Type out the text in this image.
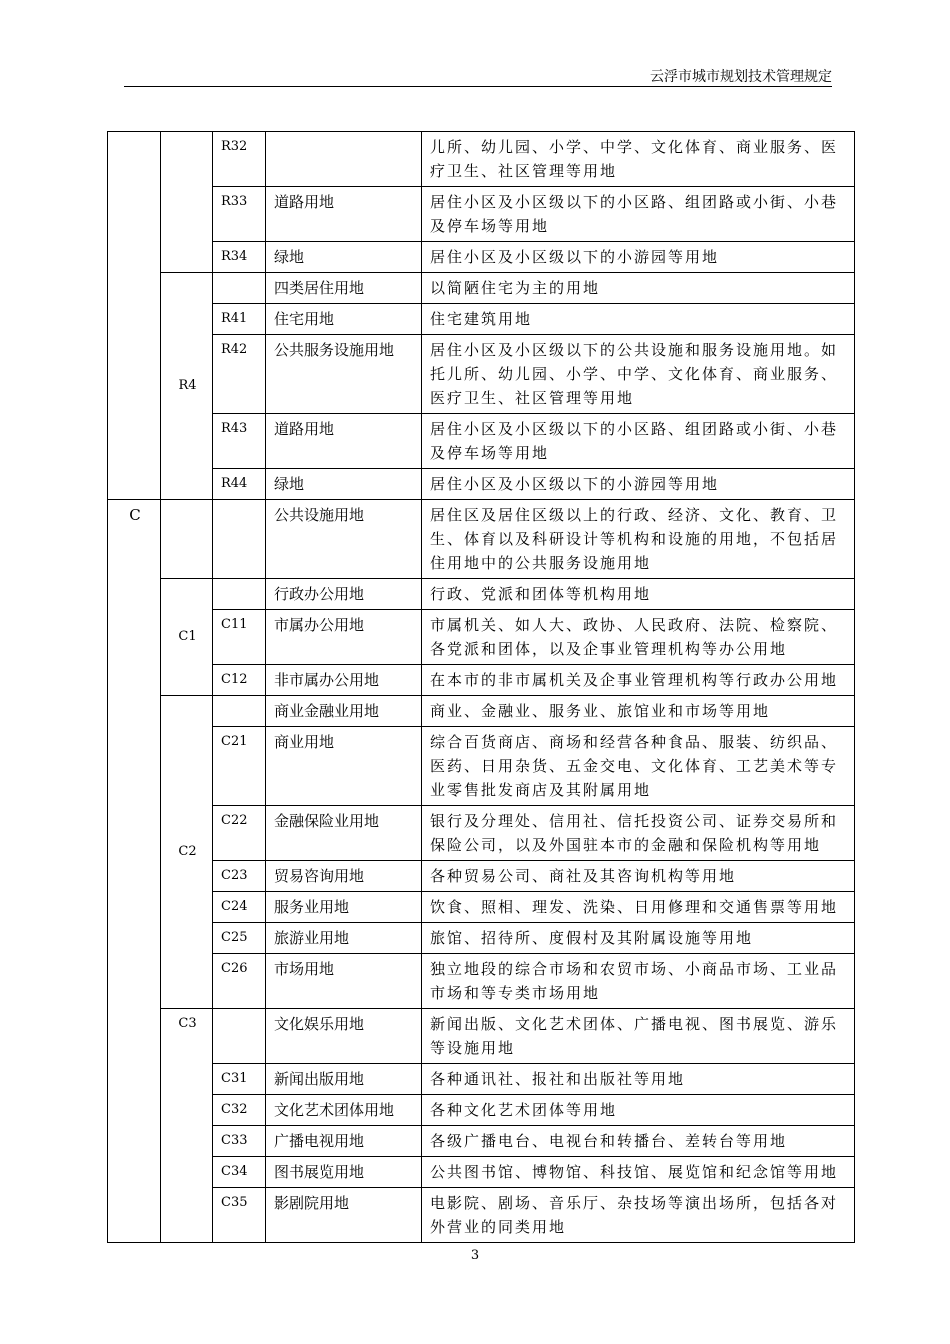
云浮市城市规划技术管理规定
		R32		儿所、幼儿园、小学、中学、文化体育、商业服务、医疗卫生、社区管理等用地
		R33	道路用地	居住小区及小区级以下的小区路、组团路或小街、小巷及停车场等用地
		R34	绿地	居住小区及小区级以下的小游园等用地
	R4		四类居住用地	以简陋住宅为主的用地
		R41	住宅用地	住宅建筑用地
		R42	公共服务设施用地	居住小区及小区级以下的公共设施和服务设施用地。如托儿所、幼儿园、小学、中学、文化体育、商业服务、医疗卫生、社区管理等用地
		R43	道路用地	居住小区及小区级以下的小区路、组团路或小街、小巷及停车场等用地
		R44	绿地	居住小区及小区级以下的小游园等用地
C			公共设施用地	居住区及居住区级以上的行政、经济、文化、教育、卫生、体育以及科研设计等机构和设施的用地，不包括居住用地中的公共服务设施用地
	C1		行政办公用地	行政、党派和团体等机构用地
		C11	市属办公用地	市属机关、如人大、政协、人民政府、法院、检察院、各党派和团体，以及企事业管理机构等办公用地
		C12	非市属办公用地	在本市的非市属机关及企事业管理机构等行政办公用地
	C2		商业金融业用地	商业、金融业、服务业、旅馆业和市场等用地
		C21	商业用地	综合百货商店、商场和经营各种食品、服装、纺织品、医药、日用杂货、五金交电、文化体育、工艺美术等专业零售批发商店及其附属用地
		C22	金融保险业用地	银行及分理处、信用社、信托投资公司、证券交易所和保险公司，以及外国驻本市的金融和保险机构等用地
		C23	贸易咨询用地	各种贸易公司、商社及其咨询机构等用地
		C24	服务业用地	饮食、照相、理发、洗染、日用修理和交通售票等用地
		C25	旅游业用地	旅馆、招待所、度假村及其附属设施等用地
		C26	市场用地	独立地段的综合市场和农贸市场、小商品市场、工业品市场和等专类市场用地
	C3		文化娱乐用地	新闻出版、文化艺术团体、广播电视、图书展览、游乐等设施用地
		C31	新闻出版用地	各种通讯社、报社和出版社等用地
		C32	文化艺术团体用地	各种文化艺术团体等用地
		C33	广播电视用地	各级广播电台、电视台和转播台、差转台等用地
		C34	图书展览用地	公共图书馆、博物馆、科技馆、展览馆和纪念馆等用地
		C35	影剧院用地	电影院、剧场、音乐厅、杂技场等演出场所，包括各对外营业的同类用地
3
